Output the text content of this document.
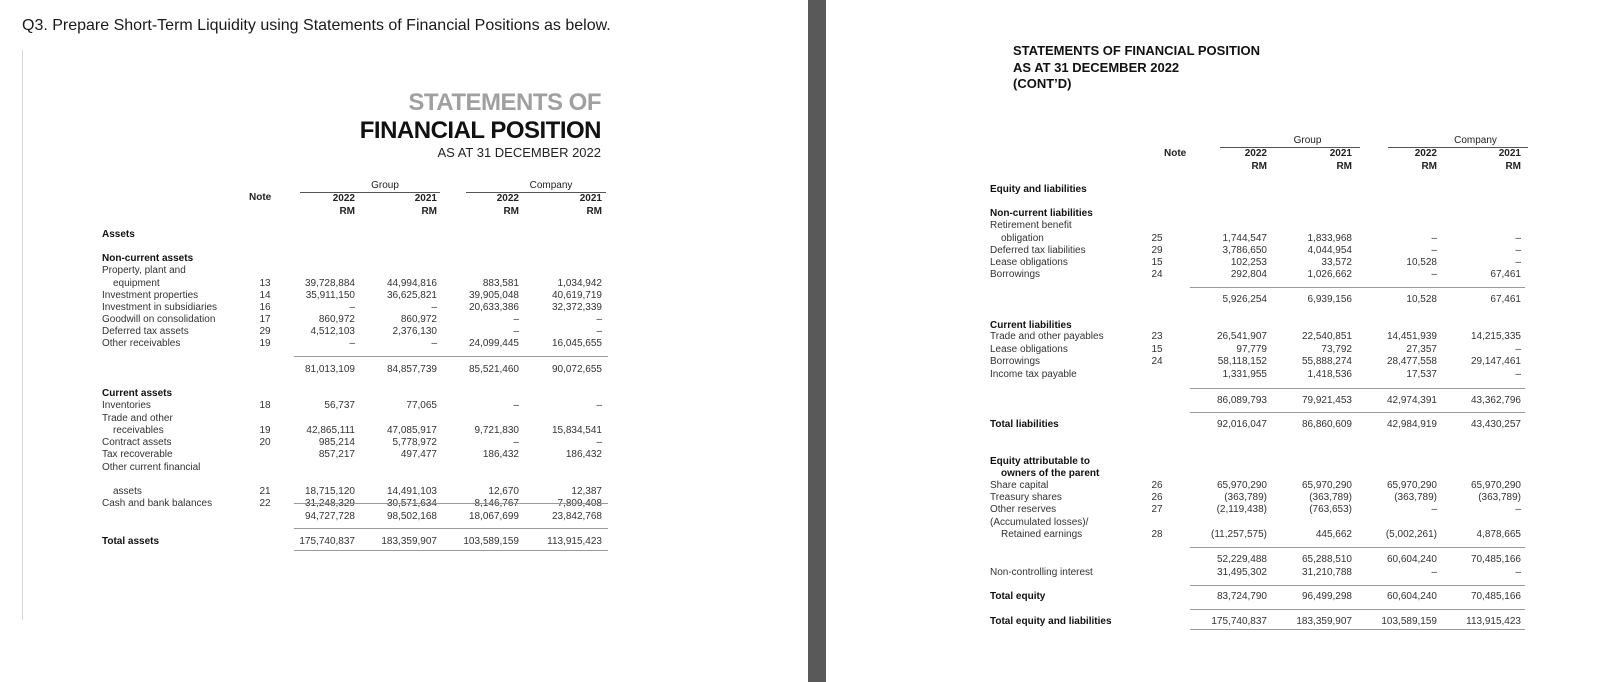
Q3. Prepare Short-Term Liquidity using Statements of Financial Positions as below.
STATEMENTS OF
FINANCIAL POSITION
AS AT 31 DECEMBER 2022
Note
Group	Company
2022	2021	2022	2021
RM	RM	RM	RM
Assets
Non-current assets
Property, plant and
equipment	13	39,728,884	44,994,816	883,581	1,034,942
Investment properties	14	35,911,150	36,625,821	39,905,048	40,619,719
Investment in subsidiaries	16	–	–	20,633,386	32,372,339
Goodwill on consolidation	17	860,972	860,972	–	–
Deferred tax assets	29	4,512,103	2,376,130	–	–
Other receivables	19	–	–	24,099,445	16,045,655
81,013,109	84,857,739	85,521,460	90,072,655
Current assets
Inventories	18	56,737	77,065	–	–
Trade and other
receivables	19	42,865,111	47,085,917	9,721,830	15,834,541
Contract assets	20	985,214	5,778,972	–	–
Tax recoverable	857,217	497,477	186,432	186,432
Other current financial
assets	21	18,715,120	14,491,103	12,670	12,387
Cash and bank balances	22	31,248,329	30,571,634	8,146,767	7,809,408
94,727,728	98,502,168	18,067,699	23,842,768
Total assets	175,740,837	183,359,907	103,589,159	113,915,423
STATEMENTS OF FINANCIAL POSITION
AS AT 31 DECEMBER 2022
(CONT’D)
Note
Group	Company
2022	2021	2022	2021
RM	RM	RM	RM
Equity and liabilities
Non-current liabilities
Retirement benefit
obligation	25	1,744,547	1,833,968	–	–
Deferred tax liabilities	29	3,786,650	4,044,954	–	–
Lease obligations	15	102,253	33,572	10,528	–
Borrowings	24	292,804	1,026,662	–	67,461
5,926,254	6,939,156	10,528	67,461
Current liabilities
Trade and other payables	23	26,541,907	22,540,851	14,451,939	14,215,335
Lease obligations	15	97,779	73,792	27,357	–
Borrowings	24	58,118,152	55,888,274	28,477,558	29,147,461
Income tax payable	1,331,955	1,418,536	17,537	–
86,089,793	79,921,453	42,974,391	43,362,796
Total liabilities	92,016,047	86,860,609	42,984,919	43,430,257
Equity attributable to
owners of the parent
Share capital	26	65,970,290	65,970,290	65,970,290	65,970,290
Treasury shares	26	(363,789)	(363,789)	(363,789)	(363,789)
Other reserves	27	(2,119,438)	(763,653)	–	–
(Accumulated losses)/
Retained earnings	28	(11,257,575)	445,662	(5,002,261)	4,878,665
52,229,488	65,288,510	60,604,240	70,485,166
Non-controlling interest	31,495,302	31,210,788	–	–
Total equity	83,724,790	96,499,298	60,604,240	70,485,166
Total equity and liabilities	175,740,837	183,359,907	103,589,159	113,915,423
